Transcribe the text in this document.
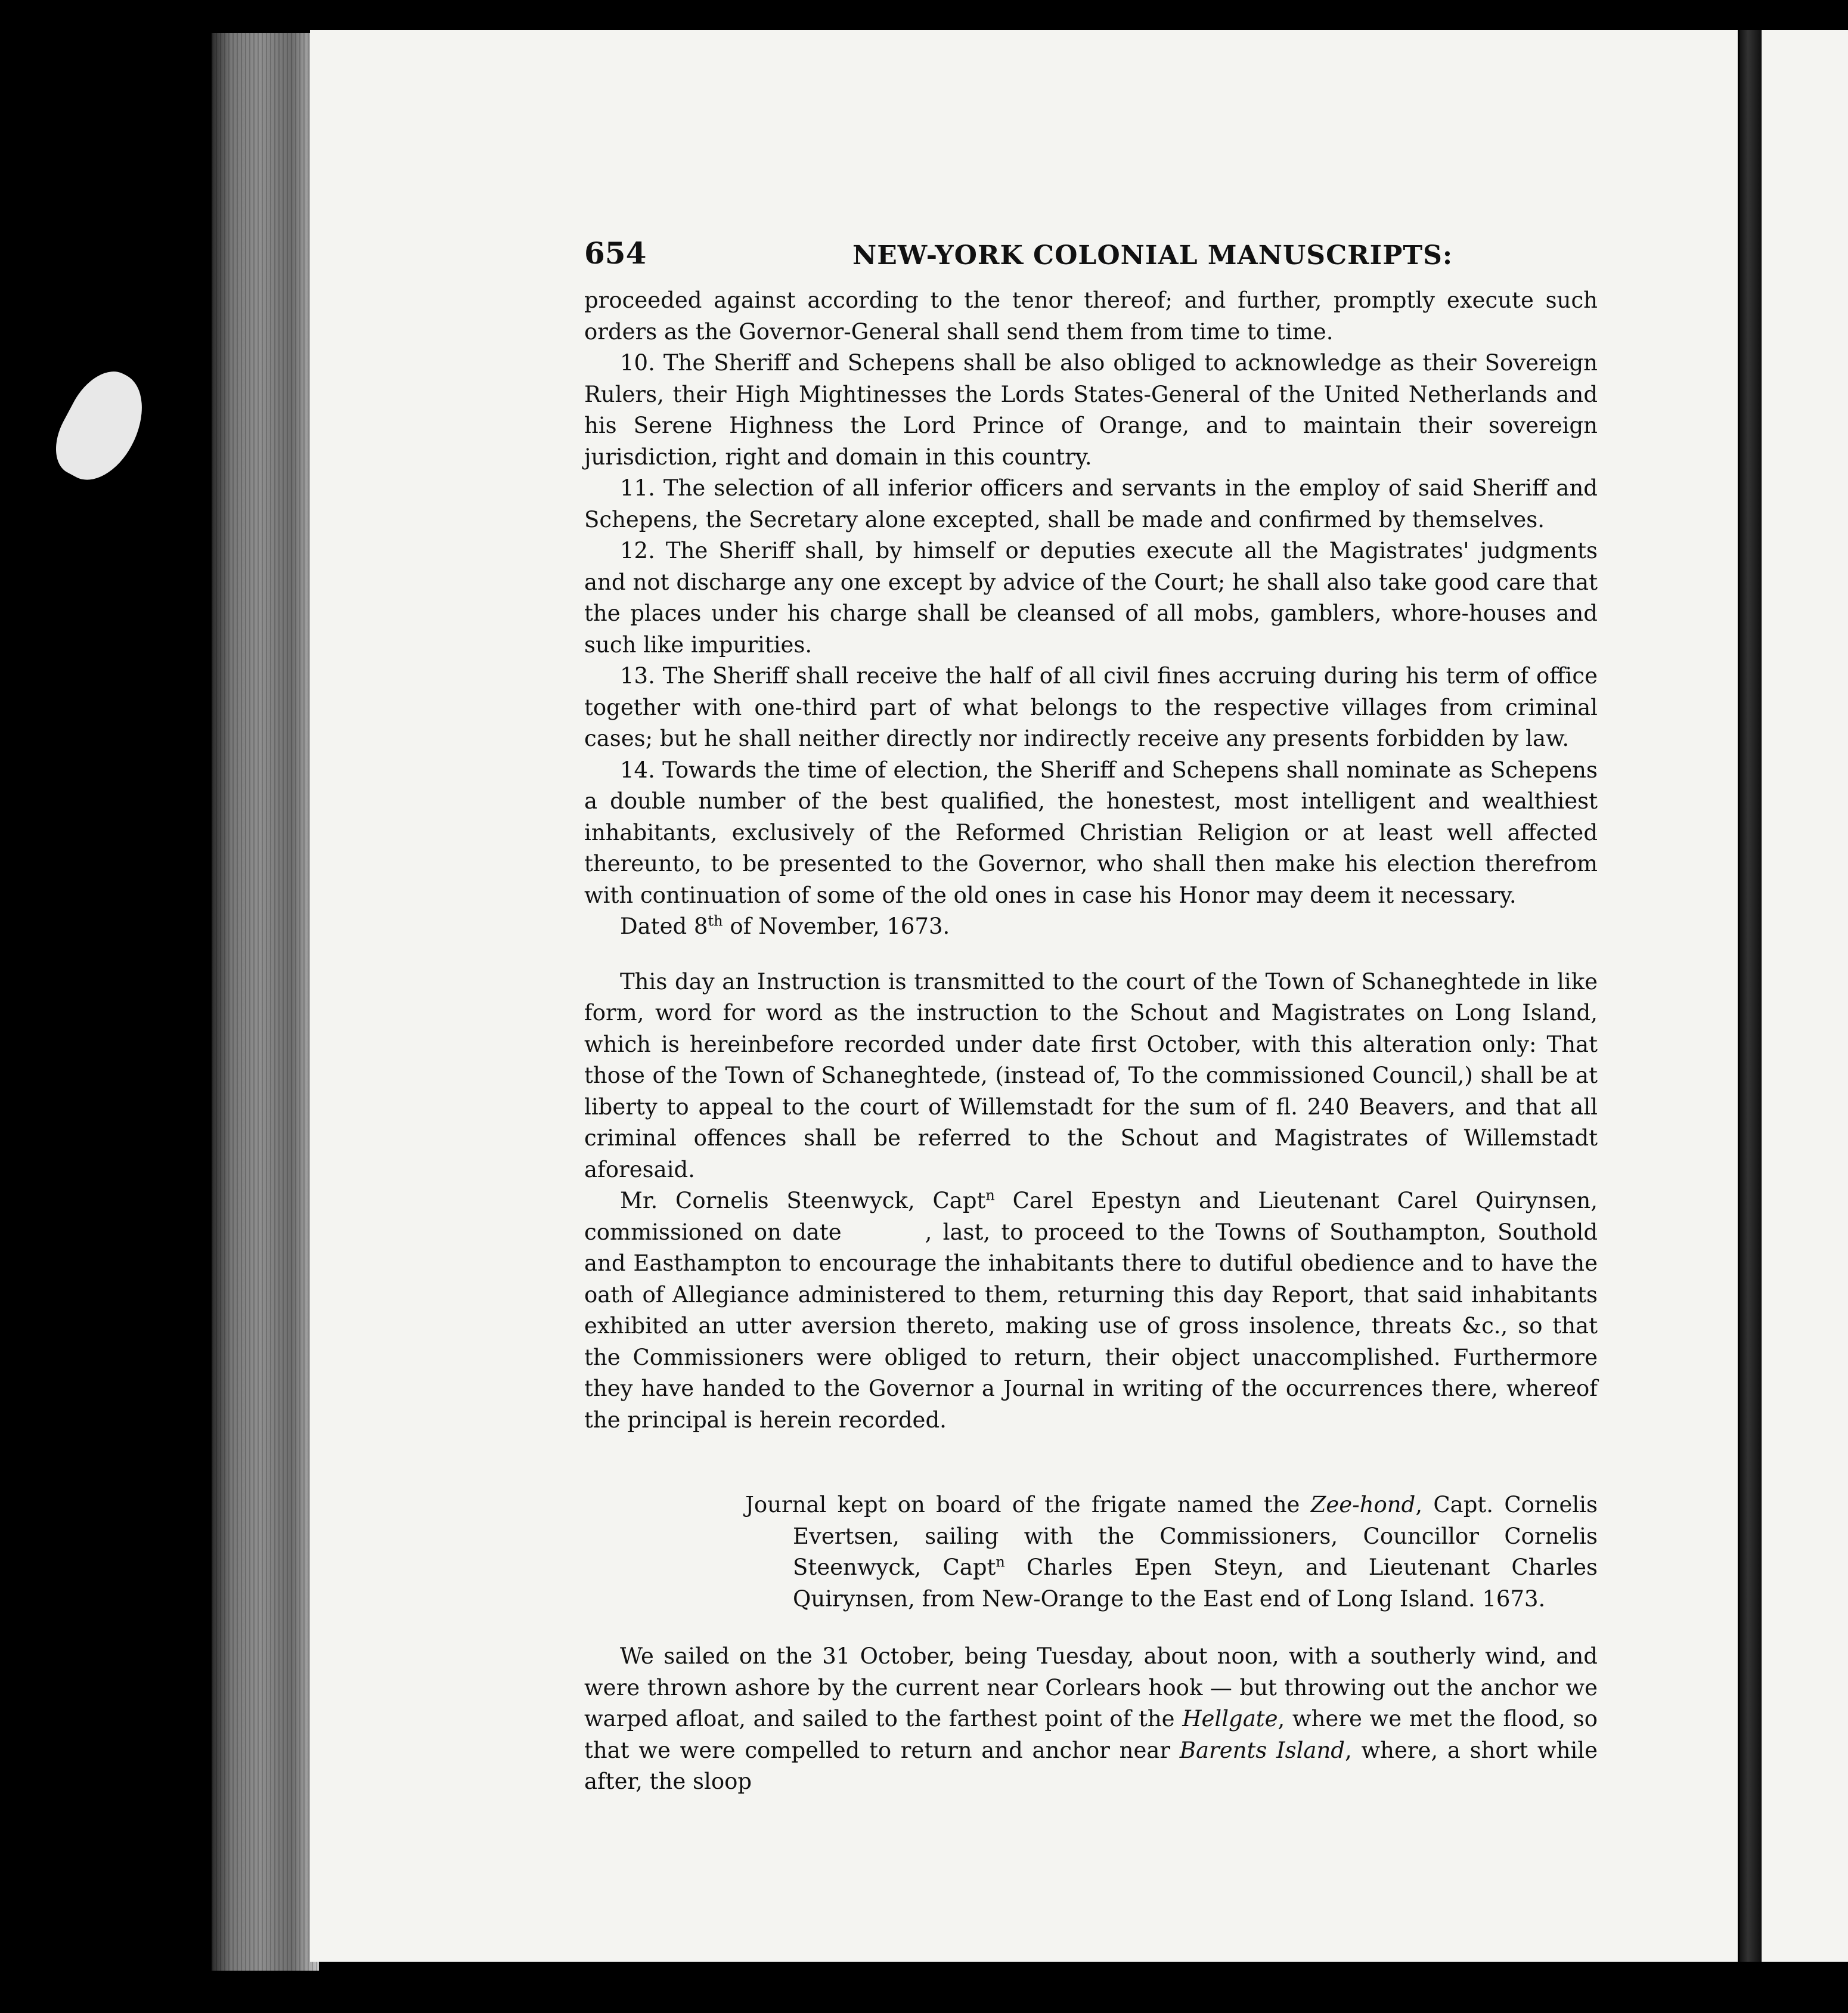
654	NEW-YORK COLONIAL MANUSCRIPTS:

proceeded against according to the tenor thereof; and further, promptly execute such orders as the Governor-General shall send them from time to time.

10. The Sheriff and Schepens shall be also obliged to acknowledge as their Sovereign Rulers, their High Mightinesses the Lords States-General of the United Netherlands and his Serene Highness the Lord Prince of Orange, and to maintain their sovereign jurisdiction, right and domain in this country.

11. The selection of all inferior officers and servants in the employ of said Sheriff and Schepens, the Secretary alone excepted, shall be made and confirmed by themselves.

12. The Sheriff shall, by himself or deputies execute all the Magistrates' judgments and not discharge any one except by advice of the Court; he shall also take good care that the places under his charge shall be cleansed of all mobs, gamblers, whore-houses and such like impurities.

13. The Sheriff shall receive the half of all civil fines accruing during his term of office together with one-third part of what belongs to the respective villages from criminal cases; but he shall neither directly nor indirectly receive any presents forbidden by law.

14. Towards the time of election, the Sheriff and Schepens shall nominate as Schepens a double number of the best qualified, the honestest, most intelligent and wealthiest inhabitants, exclusively of the Reformed Christian Religion or at least well affected thereunto, to be presented to the Governor, who shall then make his election therefrom with continuation of some of the old ones in case his Honor may deem it necessary.

Dated 8th of November, 1673.

This day an Instruction is transmitted to the court of the Town of Schaneghtede in like form, word for word as the instruction to the Schout and Magistrates on Long Island, which is hereinbefore recorded under date first October, with this alteration only: That those of the Town of Schaneghtede, (instead of, To the commissioned Council,) shall be at liberty to appeal to the court of Willemstadt for the sum of fl. 240 Beavers, and that all criminal offences shall be referred to the Schout and Magistrates of Willemstadt aforesaid.

Mr. Cornelis Steenwyck, Capt$^n$ Carel Epestyn and Lieutenant Carel Quirynsen, commissioned on date	, last, to proceed to the Towns of Southampton, Southold and Easthampton to encourage the inhabitants there to dutiful obedience and to have the oath of Allegiance administered to them, returning this day Report, that said inhabitants exhibited an utter aversion thereto, making use of gross insolence, threats &c., so that the Commissioners were obliged to return, their object unaccomplished. Furthermore they have handed to the Governor a Journal in writing of the occurrences there, whereof the principal is herein recorded.

Journal kept on board of the frigate named the Zee-hond, Capt. Cornelis Evertsen, sailing with the Commissioners, Councillor Cornelis Steenwyck, Capt$^n$ Charles Epen Steyn, and Lieutenant Charles Quirynsen, from New-Orange to the East end of Long Island. 1673.

We sailed on the 31 October, being Tuesday, about noon, with a southerly wind, and were thrown ashore by the current near Corlears hook — but throwing out the anchor we warped afloat, and sailed to the farthest point of the Hellgate, where we met the flood, so that we were compelled to return and anchor near Barents Island, where, a short while after, the sloop
